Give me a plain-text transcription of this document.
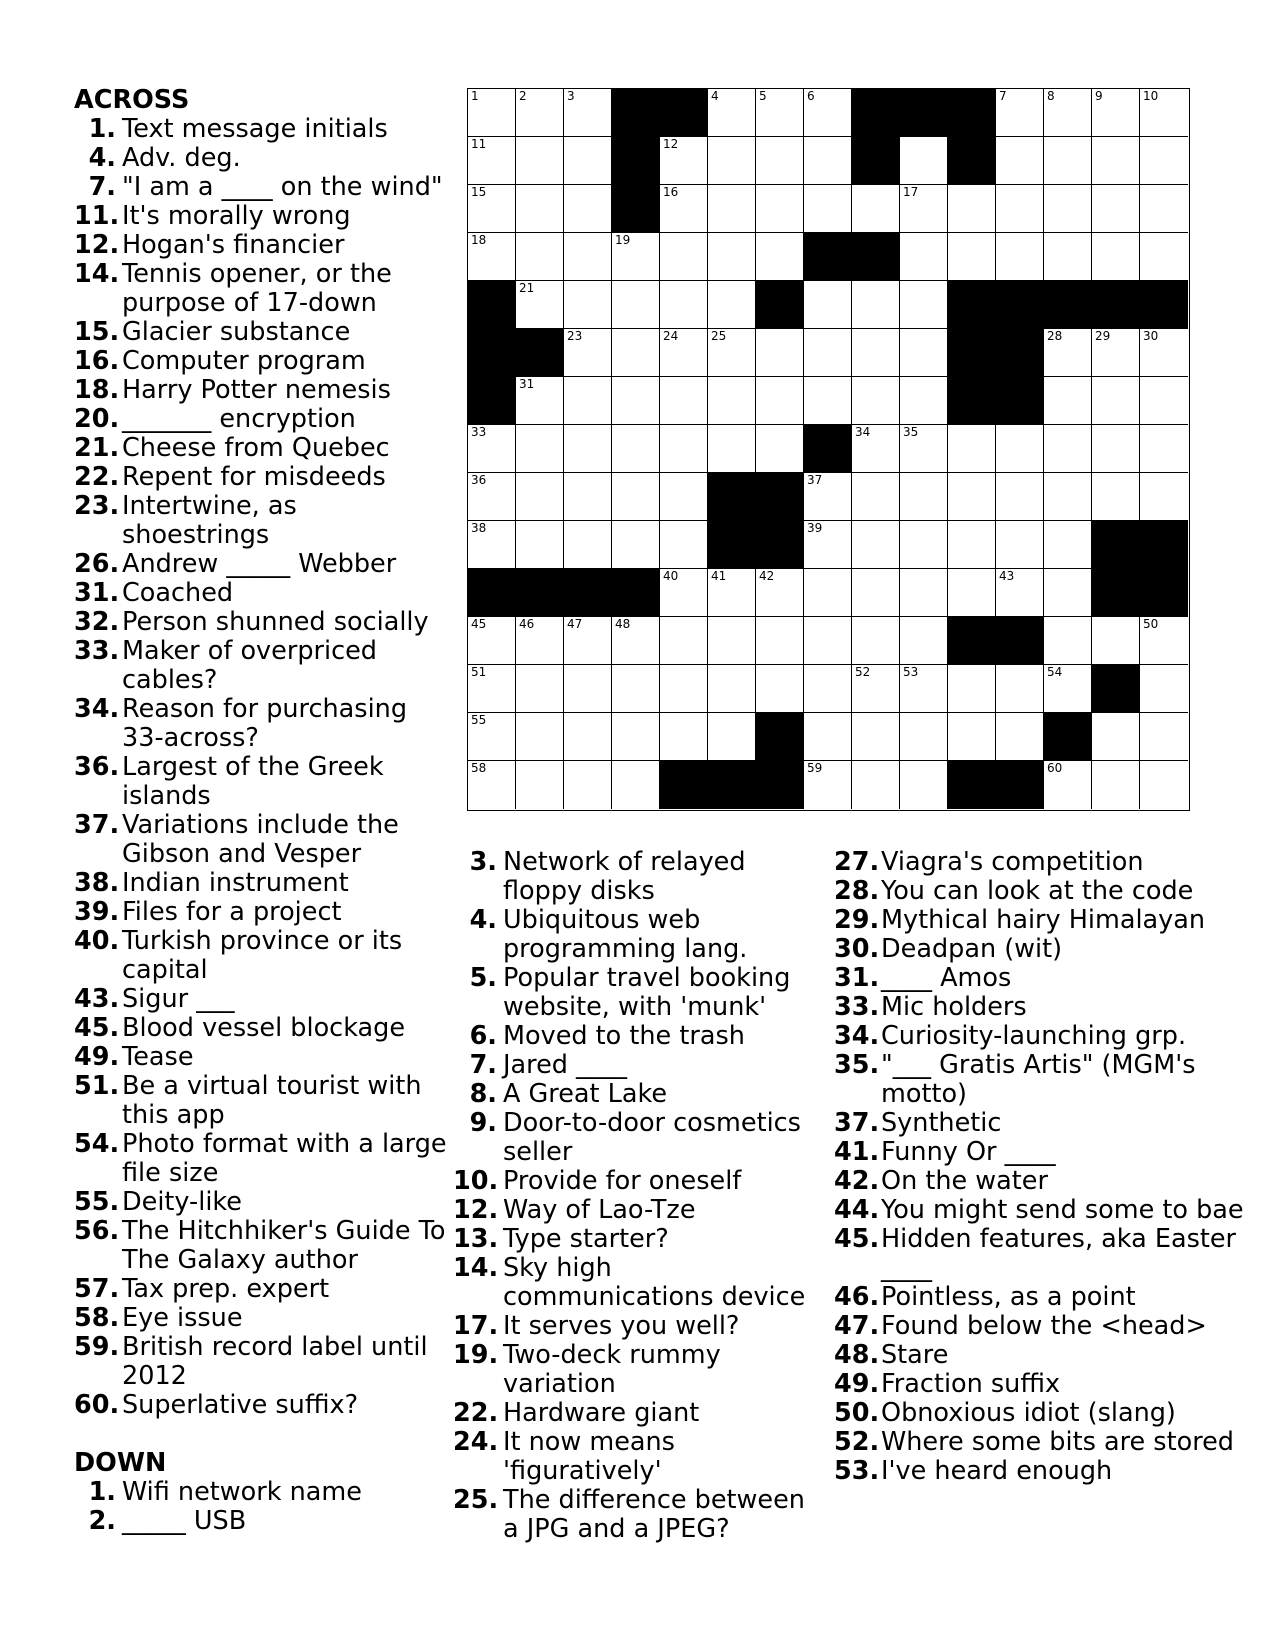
ACROSS
1. Text message initials
4. Adv. deg.
7. "I am a ____ on the wind"
11. It's morally wrong
12. Hogan's financier
14. Tennis opener, or the purpose of 17-down
15. Glacier substance
16. Computer program
18. Harry Potter nemesis
20. _______ encryption
21. Cheese from Quebec
22. Repent for misdeeds
23. Intertwine, as shoestrings
26. Andrew _____ Webber
31. Coached
32. Person shunned socially
33. Maker of overpriced cables?
34. Reason for purchasing 33-across?
36. Largest of the Greek islands
37. Variations include the Gibson and Vesper
38. Indian instrument
39. Files for a project
40. Turkish province or its capital
43. Sigur ___
45. Blood vessel blockage
49. Tease
51. Be a virtual tourist with this app
54. Photo format with a large file size
55. Deity-like
56. The Hitchhiker's Guide To The Galaxy author
57. Tax prep. expert
58. Eye issue
59. British record label until 2012
60. Superlative suffix?
DOWN
1. Wifi network name
2. _____ USB
1	2	3	4	5	6	7	8	9	10
11	12
15	16	17
18	19
21
23	24	25	28	29	30
31
33	34	35
36	37
38	39
40	41	42	43
45	46	47	48	50
51	52	53	54
55
58	59	60
3. Network of relayed floppy disks
4. Ubiquitous web programming lang.
5. Popular travel booking website, with 'munk'
6. Moved to the trash
7. Jared ____
8. A Great Lake
9. Door-to-door cosmetics seller
10. Provide for oneself
12. Way of Lao-Tze
13. Type starter?
14. Sky high communications device
17. It serves you well?
19. Two-deck rummy variation
22. Hardware giant
24. It now means 'figuratively'
25. The difference between a JPG and a JPEG?
27. Viagra's competition
28. You can look at the code
29. Mythical hairy Himalayan
30. Deadpan (wit)
31. ____ Amos
33. Mic holders
34. Curiosity-launching grp.
35. "___ Gratis Artis" (MGM's motto)
37. Synthetic
41. Funny Or ____
42. On the water
44. You might send some to bae
45. Hidden features, aka Easter ____
46. Pointless, as a point
47. Found below the <head>
48. Stare
49. Fraction suffix
50. Obnoxious idiot (slang)
52. Where some bits are stored
53. I've heard enough
